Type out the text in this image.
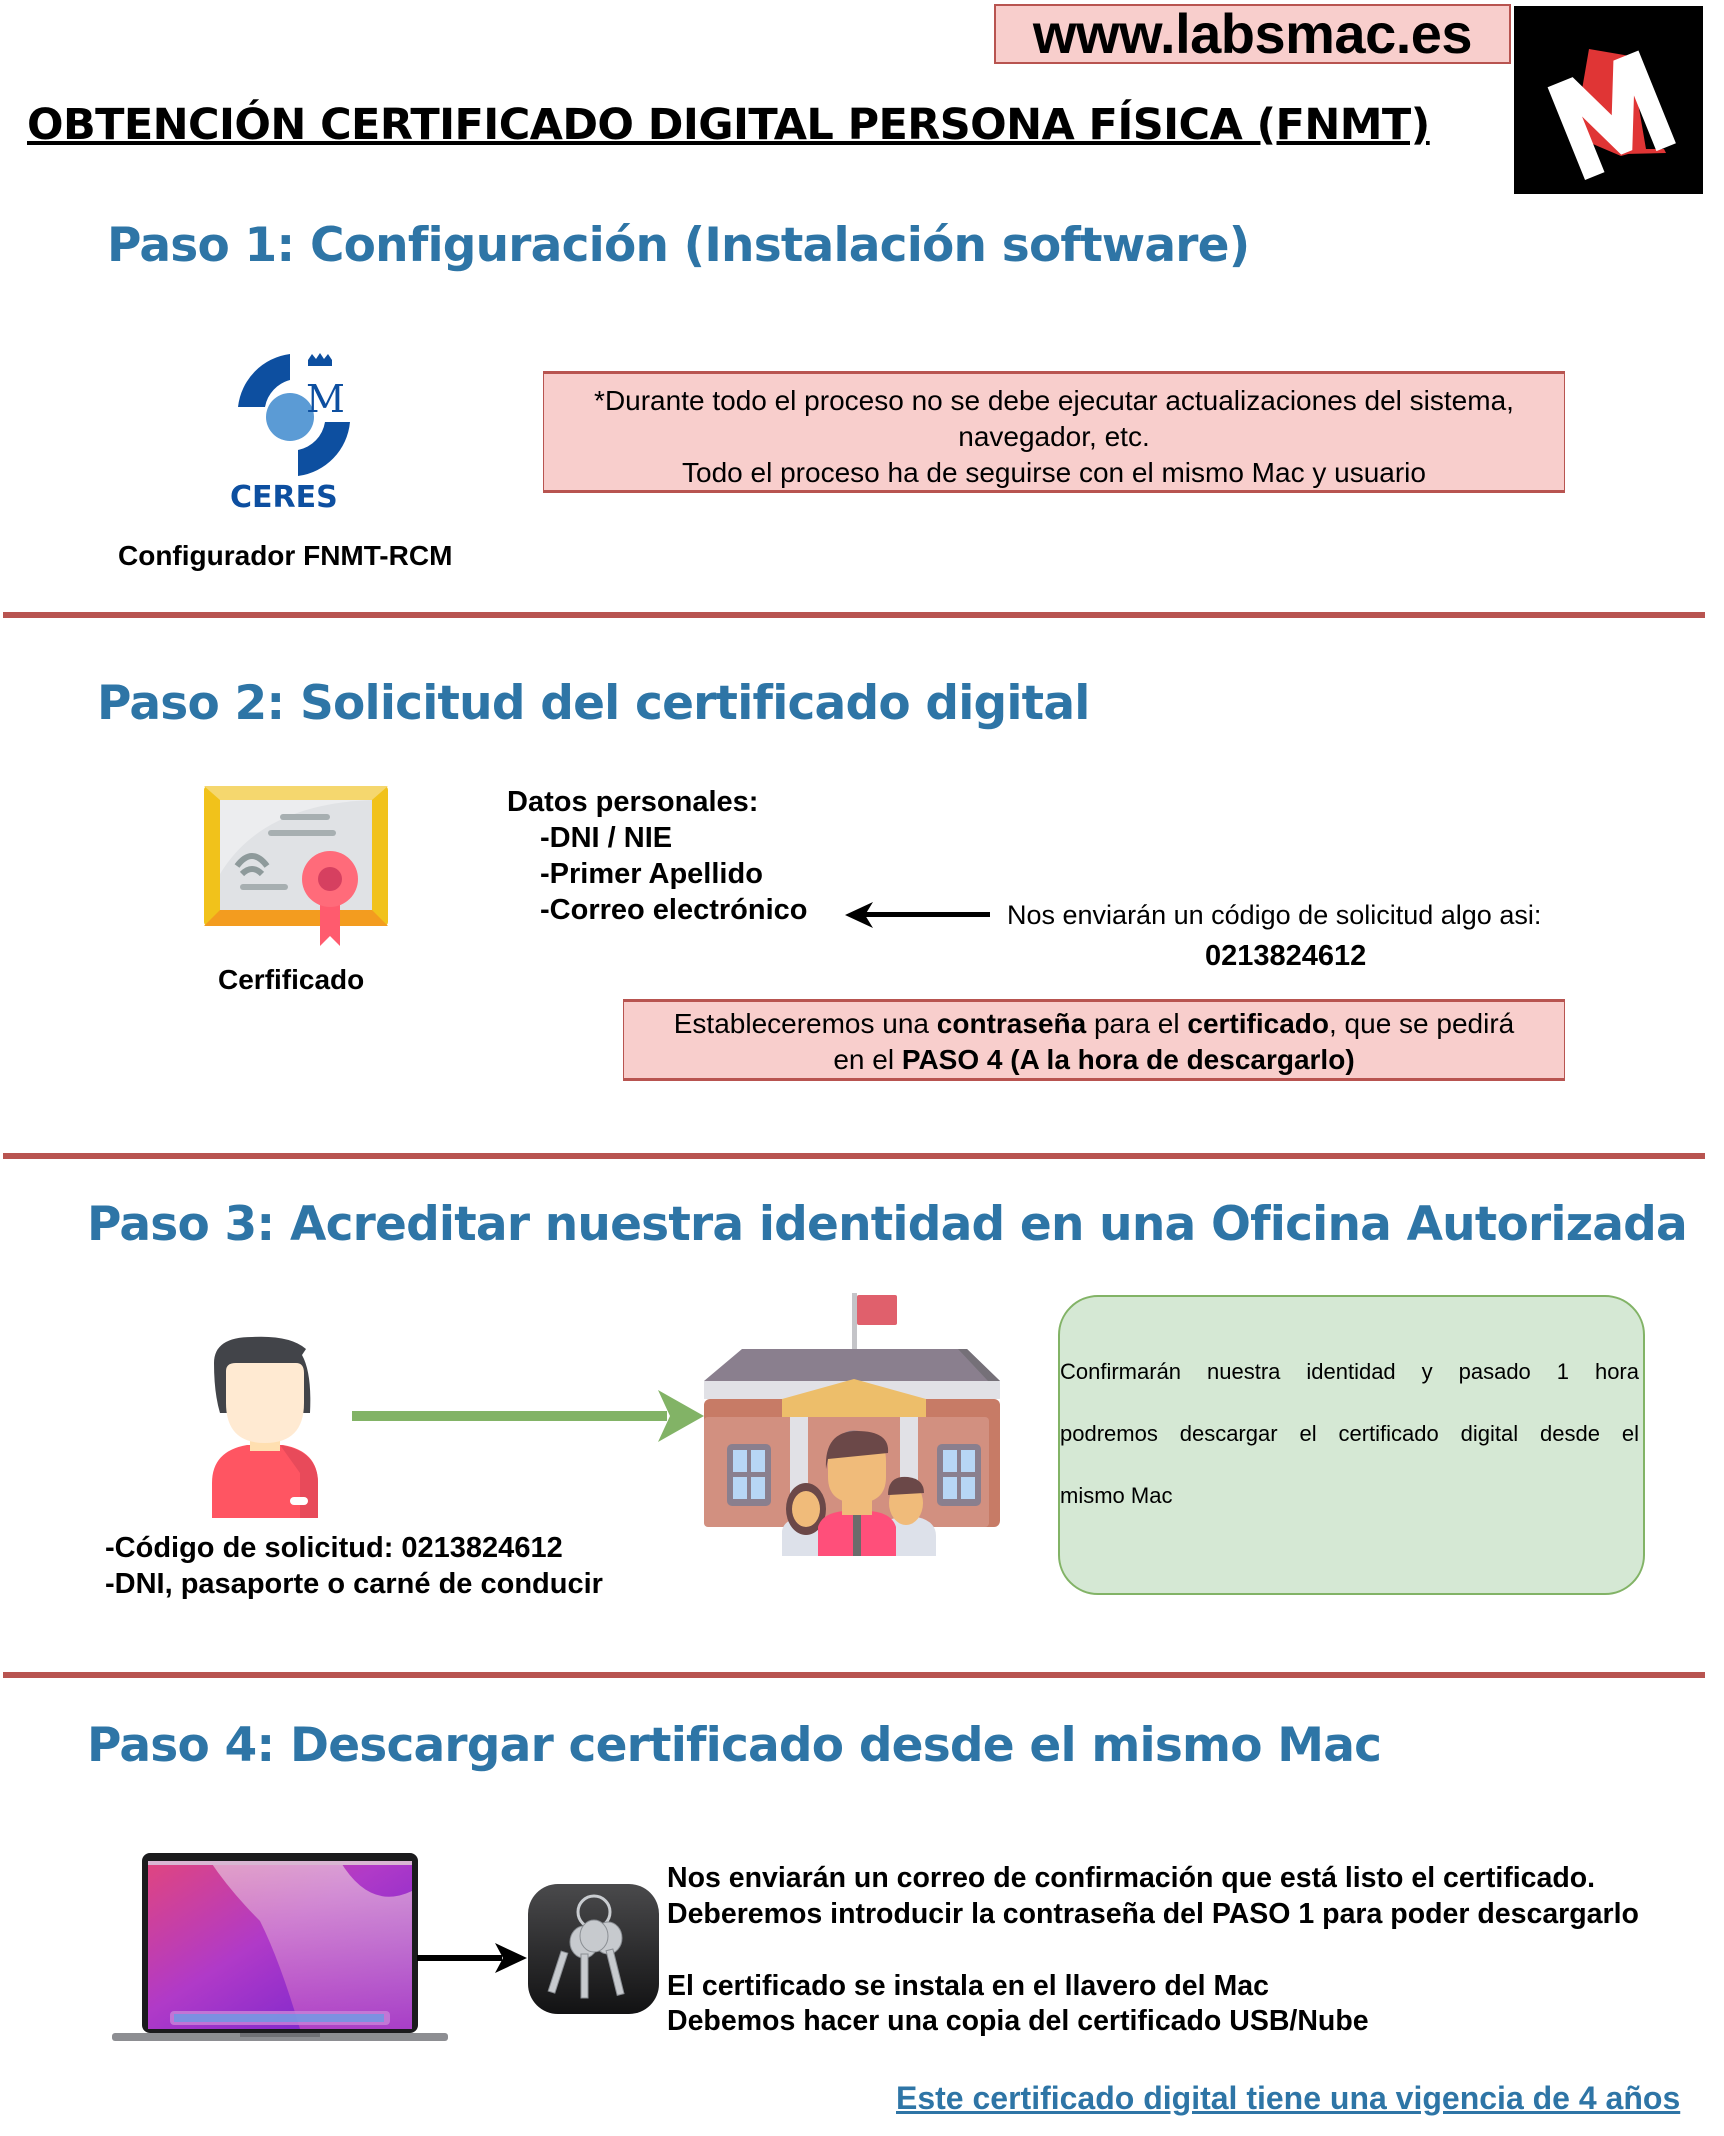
www.labsmac.es
OBTENCIÓN CERTIFICADO DIGITAL PERSONA FÍSICA (FNMT)
Paso 1: Configuración (Instalación software)
M
CERES
Configurador FNMT-RCM
*Durante todo el proceso no se debe ejecutar actualizaciones del sistema,
navegador, etc.
Todo el proceso ha de seguirse con el mismo Mac y usuario
Paso 2: Solicitud del certificado digital
Cerfificado
Datos personales:
-DNI / NIE
-Primer Apellido
-Correo electrónico	Nos enviarán un código de solicitud algo asi:
0213824612
Estableceremos una contraseña para el certificado, que se pedirá
en el PASO 4 (A la hora de descargarlo)
Paso 3: Acreditar nuestra identidad en una Oficina Autorizada

Confirmarán nuestra identidad y pasado 1 hora

podremos descargar el certificado digital desde el

mismo Mac

-Código de solicitud: 0213824612
-DNI, pasaporte o carné de conducir
Paso 4: Descargar certificado desde el mismo Mac
Nos enviarán un correo de confirmación que está listo el certificado.
Deberemos introducir la contraseña del PASO 1 para poder descargarlo
El certificado se instala en el llavero del Mac
Debemos hacer una copia del certificado USB/Nube
Este certificado digital tiene una vigencia de 4 años
